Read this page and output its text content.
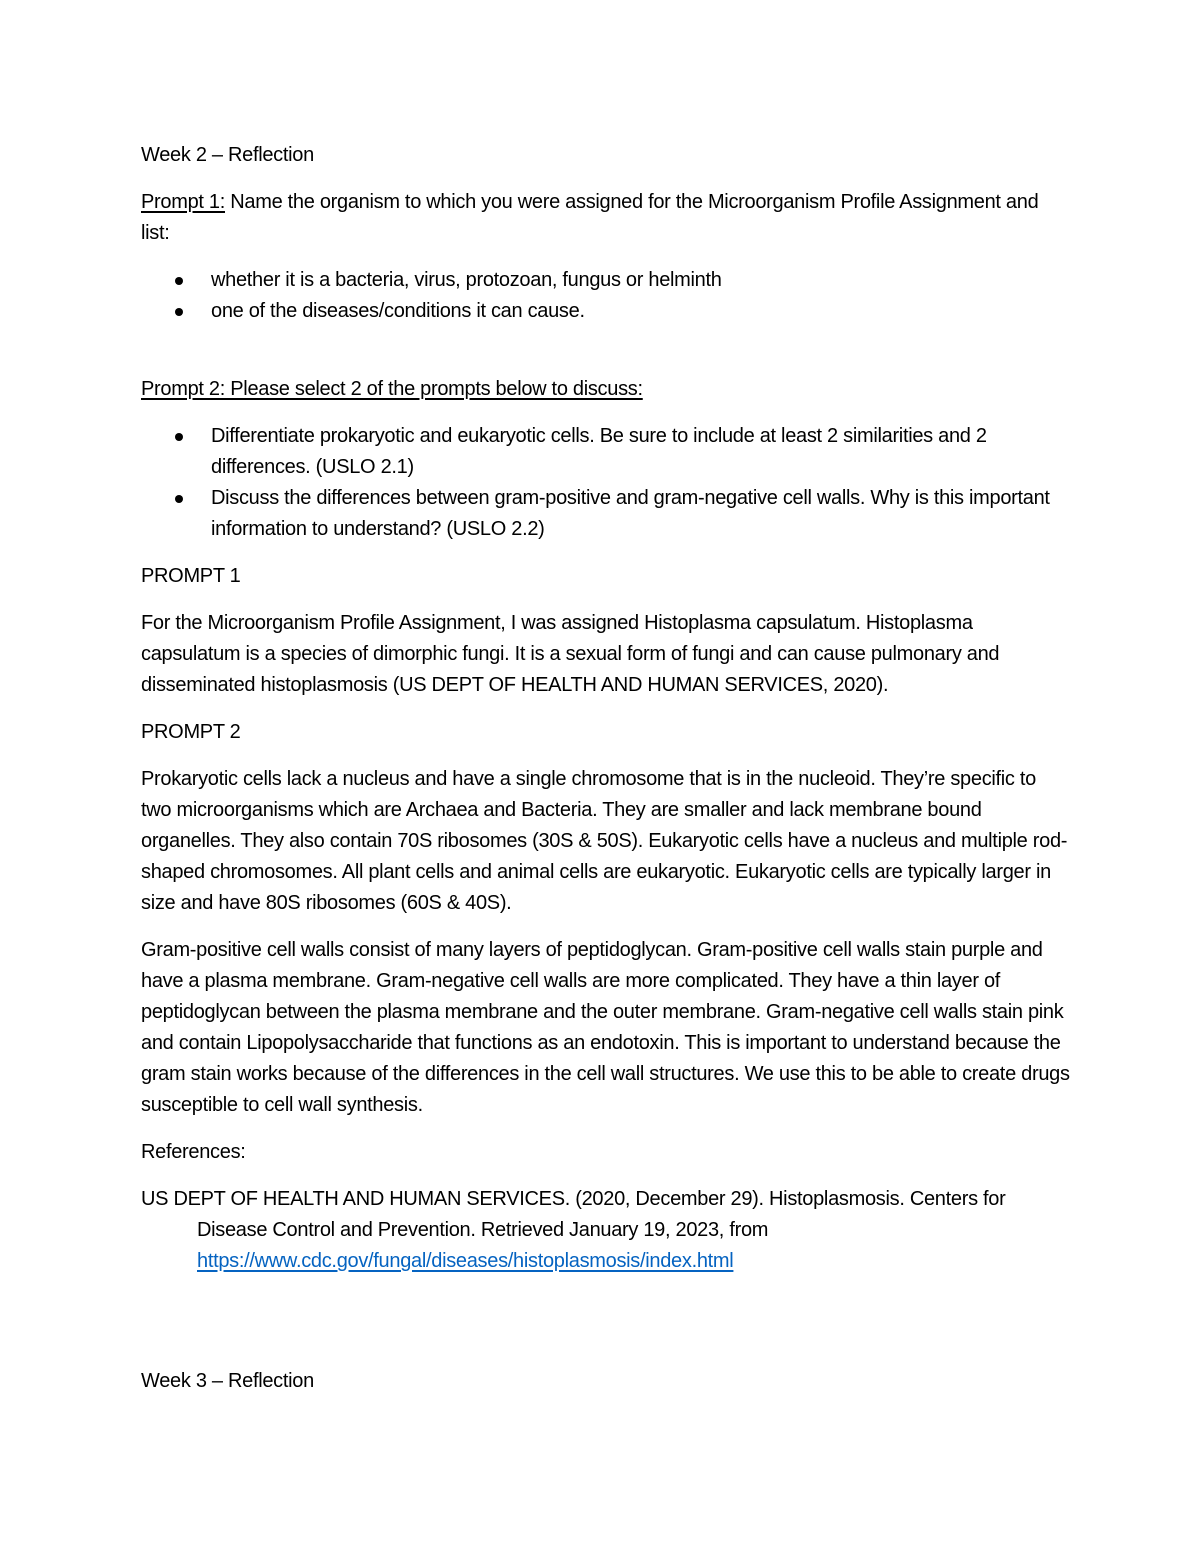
Week 2 – Reflection

Prompt 1: Name the organism to which you were assigned for the Microorganism Profile Assignment and list:

whether it is a bacteria, virus, protozoan, fungus or helminth
one of the diseases/conditions it can cause.

Prompt 2: Please select 2 of the prompts below to discuss:

Differentiate prokaryotic and eukaryotic cells. Be sure to include at least 2 similarities and 2 differences. (USLO 2.1)
Discuss the differences between gram-positive and gram-negative cell walls. Why is this important information to understand? (USLO 2.2)

PROMPT 1

For the Microorganism Profile Assignment, I was assigned Histoplasma capsulatum. Histoplasma capsulatum is a species of dimorphic fungi. It is a sexual form of fungi and can cause pulmonary and disseminated histoplasmosis (US DEPT OF HEALTH AND HUMAN SERVICES, 2020).

PROMPT 2

Prokaryotic cells lack a nucleus and have a single chromosome that is in the nucleoid. They’re specific to two microorganisms which are Archaea and Bacteria. They are smaller and lack membrane bound organelles. They also contain 70S ribosomes (30S & 50S). Eukaryotic cells have a nucleus and multiple rod-shaped chromosomes. All plant cells and animal cells are eukaryotic. Eukaryotic cells are typically larger in size and have 80S ribosomes (60S & 40S).

Gram-positive cell walls consist of many layers of peptidoglycan. Gram-positive cell walls stain purple and have a plasma membrane. Gram-negative cell walls are more complicated. They have a thin layer of peptidoglycan between the plasma membrane and the outer membrane. Gram-negative cell walls stain pink and contain Lipopolysaccharide that functions as an endotoxin. This is important to understand because the gram stain works because of the differences in the cell wall structures. We use this to be able to create drugs susceptible to cell wall synthesis.

References:

US DEPT OF HEALTH AND HUMAN SERVICES. (2020, December 29). Histoplasmosis. Centers for Disease Control and Prevention. Retrieved January 19, 2023, from https://www.cdc.gov/fungal/diseases/histoplasmosis/index.html

Week 3 – Reflection
